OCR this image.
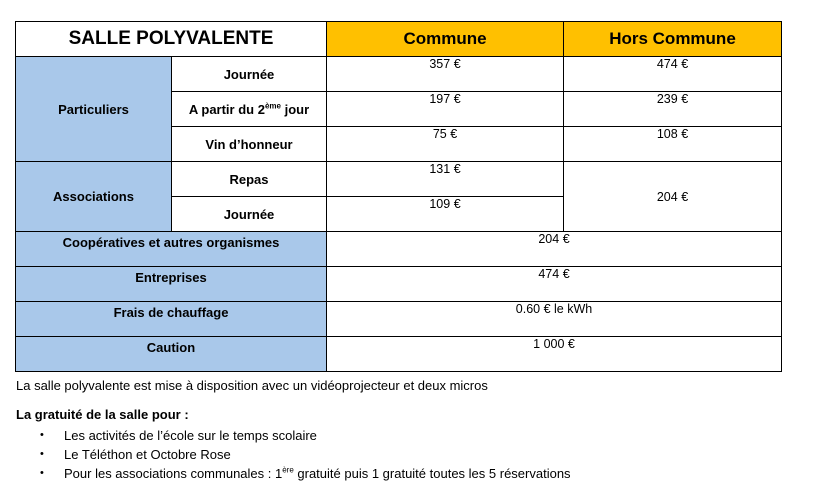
SALLE POLYVALENTE		Commune	Hors Commune
Particuliers	Journée	357 €	474 €
	A partir du 2ème jour	197 €	239 €
	Vin d’honneur	75 €	108 €
Associations	Repas	131 €	204 €
	Journée	109 €	
Coopératives et autres organismes		204 €	
Entreprises		474 €	
Frais de chauffage		0.60 € le kWh	
Caution		1 000 €	

La salle polyvalente est mise à disposition avec un vidéoprojecteur et deux micros

La gratuité de la salle pour :

• Les activités de l’école sur le temps scolaire
• Le Téléthon et Octobre Rose
• Pour les associations communales : 1ère gratuité puis 1 gratuité toutes les 5 réservations
